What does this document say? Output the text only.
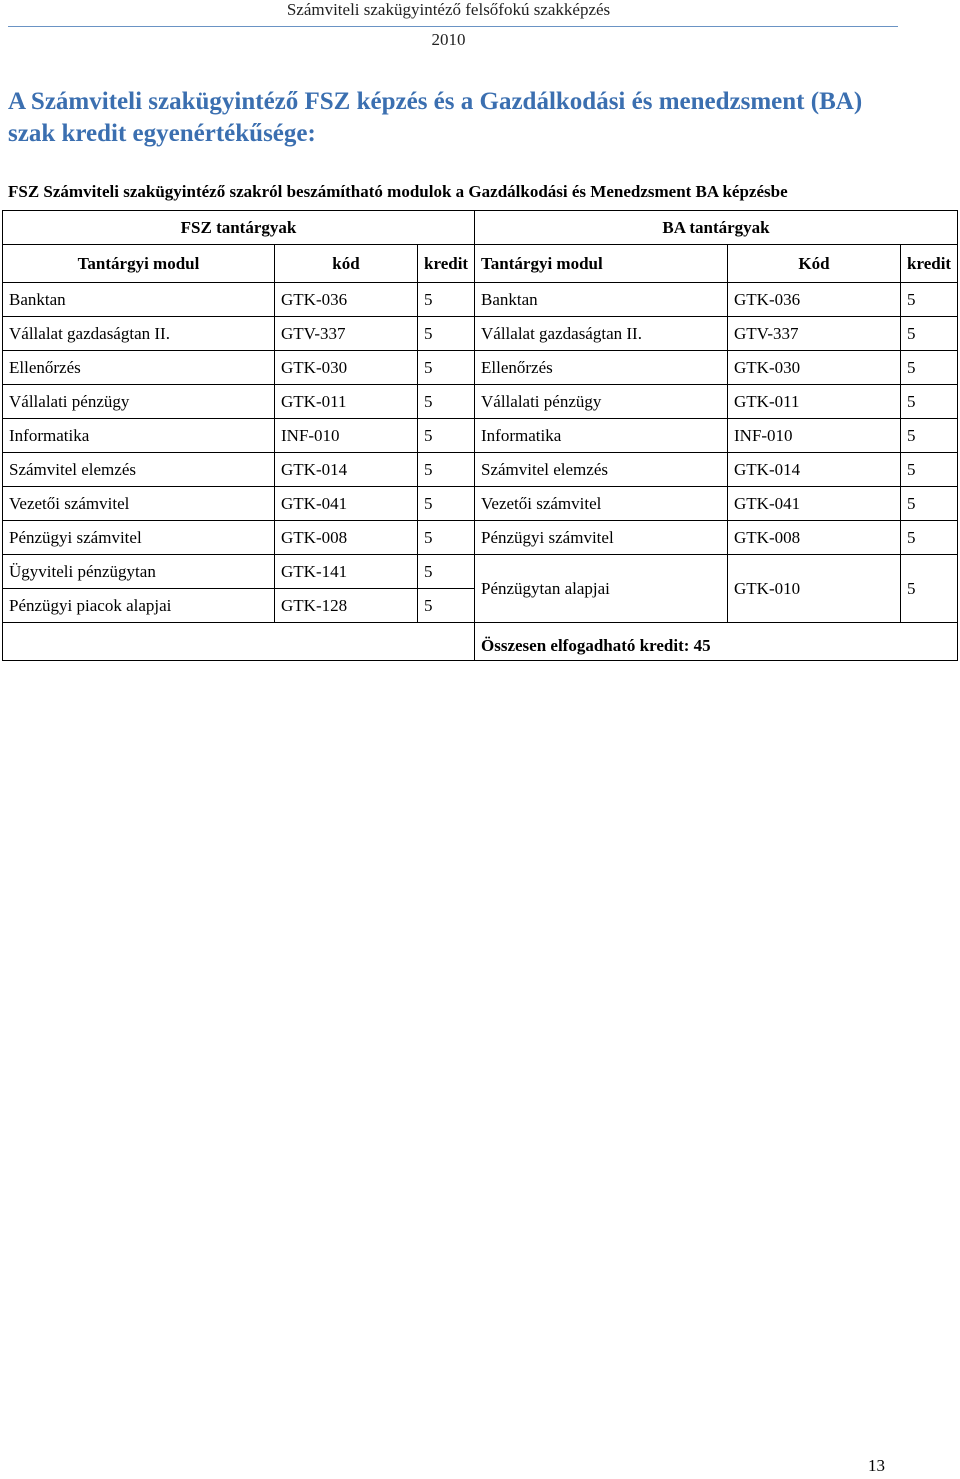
Számviteli szakügyintéző felsőfokú szakképzés
2010
A Számviteli szakügyintéző FSZ képzés és a Gazdálkodási és menedzsment (BA) szak kredit egyenértékűsége:
FSZ Számviteli szakügyintéző szakról beszámítható modulok a Gazdálkodási és Menedzsment BA képzésbe
FSZ tantárgyak			BA tantárgyak		
Tantárgyi modul	kód	kredit	Tantárgyi modul	Kód	kredit
Banktan	GTK-036	5	Banktan	GTK-036	5
Vállalat gazdaságtan II.	GTV-337	5	Vállalat gazdaságtan II.	GTV-337	5
Ellenőrzés	GTK-030	5	Ellenőrzés	GTK-030	5
Vállalati pénzügy	GTK-011	5	Vállalati pénzügy	GTK-011	5
Informatika	INF-010	5	Informatika	INF-010	5
Számvitel elemzés	GTK-014	5	Számvitel elemzés	GTK-014	5
Vezetői számvitel	GTK-041	5	Vezetői számvitel	GTK-041	5
Pénzügyi számvitel	GTK-008	5	Pénzügyi számvitel	GTK-008	5
Ügyviteli pénzügytan	GTK-141	5	Pénzügytan alapjai	GTK-010	5
Pénzügyi piacok alapjai	GTK-128	5			
			Összesen elfogadható kredit: 45		
13
